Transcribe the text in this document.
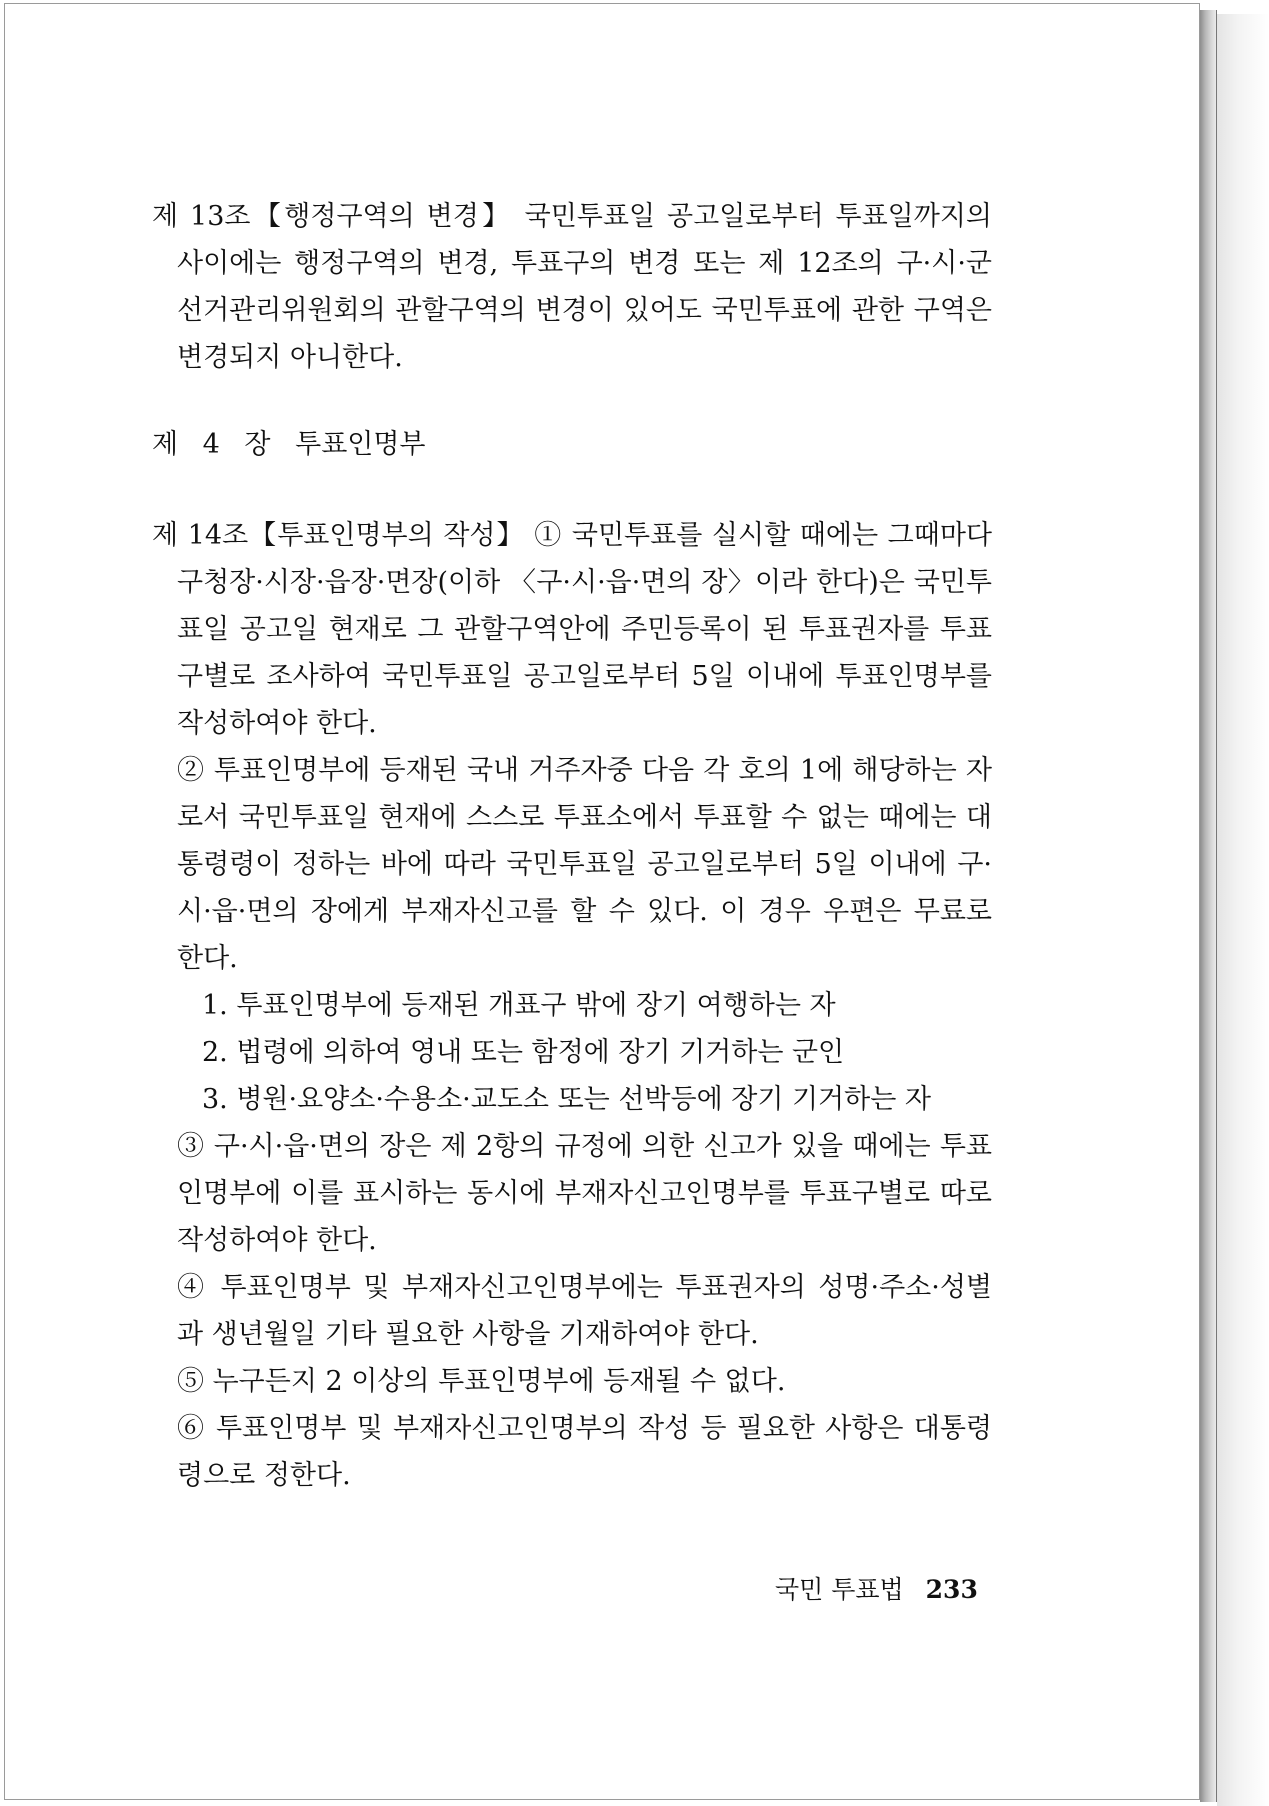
제 13조【행정구역의 변경】 국민투표일 공고일로부터 투표일까지의 사이에는 행정구역의 변경, 투표구의 변경 또는 제 12조의 구·시·군 선거관리위원회의 관할구역의 변경이 있어도 국민투표에 관한 구역은 변경되지 아니한다.

제 4 장 투표인명부

제 14조【투표인명부의 작성】 ① 국민투표를 실시할 때에는 그때마다 구청장·시장·읍장·면장(이하 〈구·시·읍·면의 장〉이라 한다)은 국민투표일 공고일 현재로 그 관할구역안에 주민등록이 된 투표권자를 투표구별로 조사하여 국민투표일 공고일로부터 5일 이내에 투표인명부를 작성하여야 한다.

② 투표인명부에 등재된 국내 거주자중 다음 각 호의 1에 해당하는 자로서 국민투표일 현재에 스스로 투표소에서 투표할 수 없는 때에는 대통령령이 정하는 바에 따라 국민투표일 공고일로부터 5일 이내에 구·시·읍·면의 장에게 부재자신고를 할 수 있다. 이 경우 우편은 무료로 한다.

1. 투표인명부에 등재된 개표구 밖에 장기 여행하는 자

2. 법령에 의하여 영내 또는 함정에 장기 기거하는 군인

3. 병원·요양소·수용소·교도소 또는 선박등에 장기 기거하는 자

③ 구·시·읍·면의 장은 제 2항의 규정에 의한 신고가 있을 때에는 투표인명부에 이를 표시하는 동시에 부재자신고인명부를 투표구별로 따로 작성하여야 한다.

④ 투표인명부 및 부재자신고인명부에는 투표권자의 성명·주소·성별과 생년월일 기타 필요한 사항을 기재하여야 한다.

⑤ 누구든지 2 이상의 투표인명부에 등재될 수 없다.

⑥ 투표인명부 및 부재자신고인명부의 작성 등 필요한 사항은 대통령령으로 정한다.

국민 투표법 233
